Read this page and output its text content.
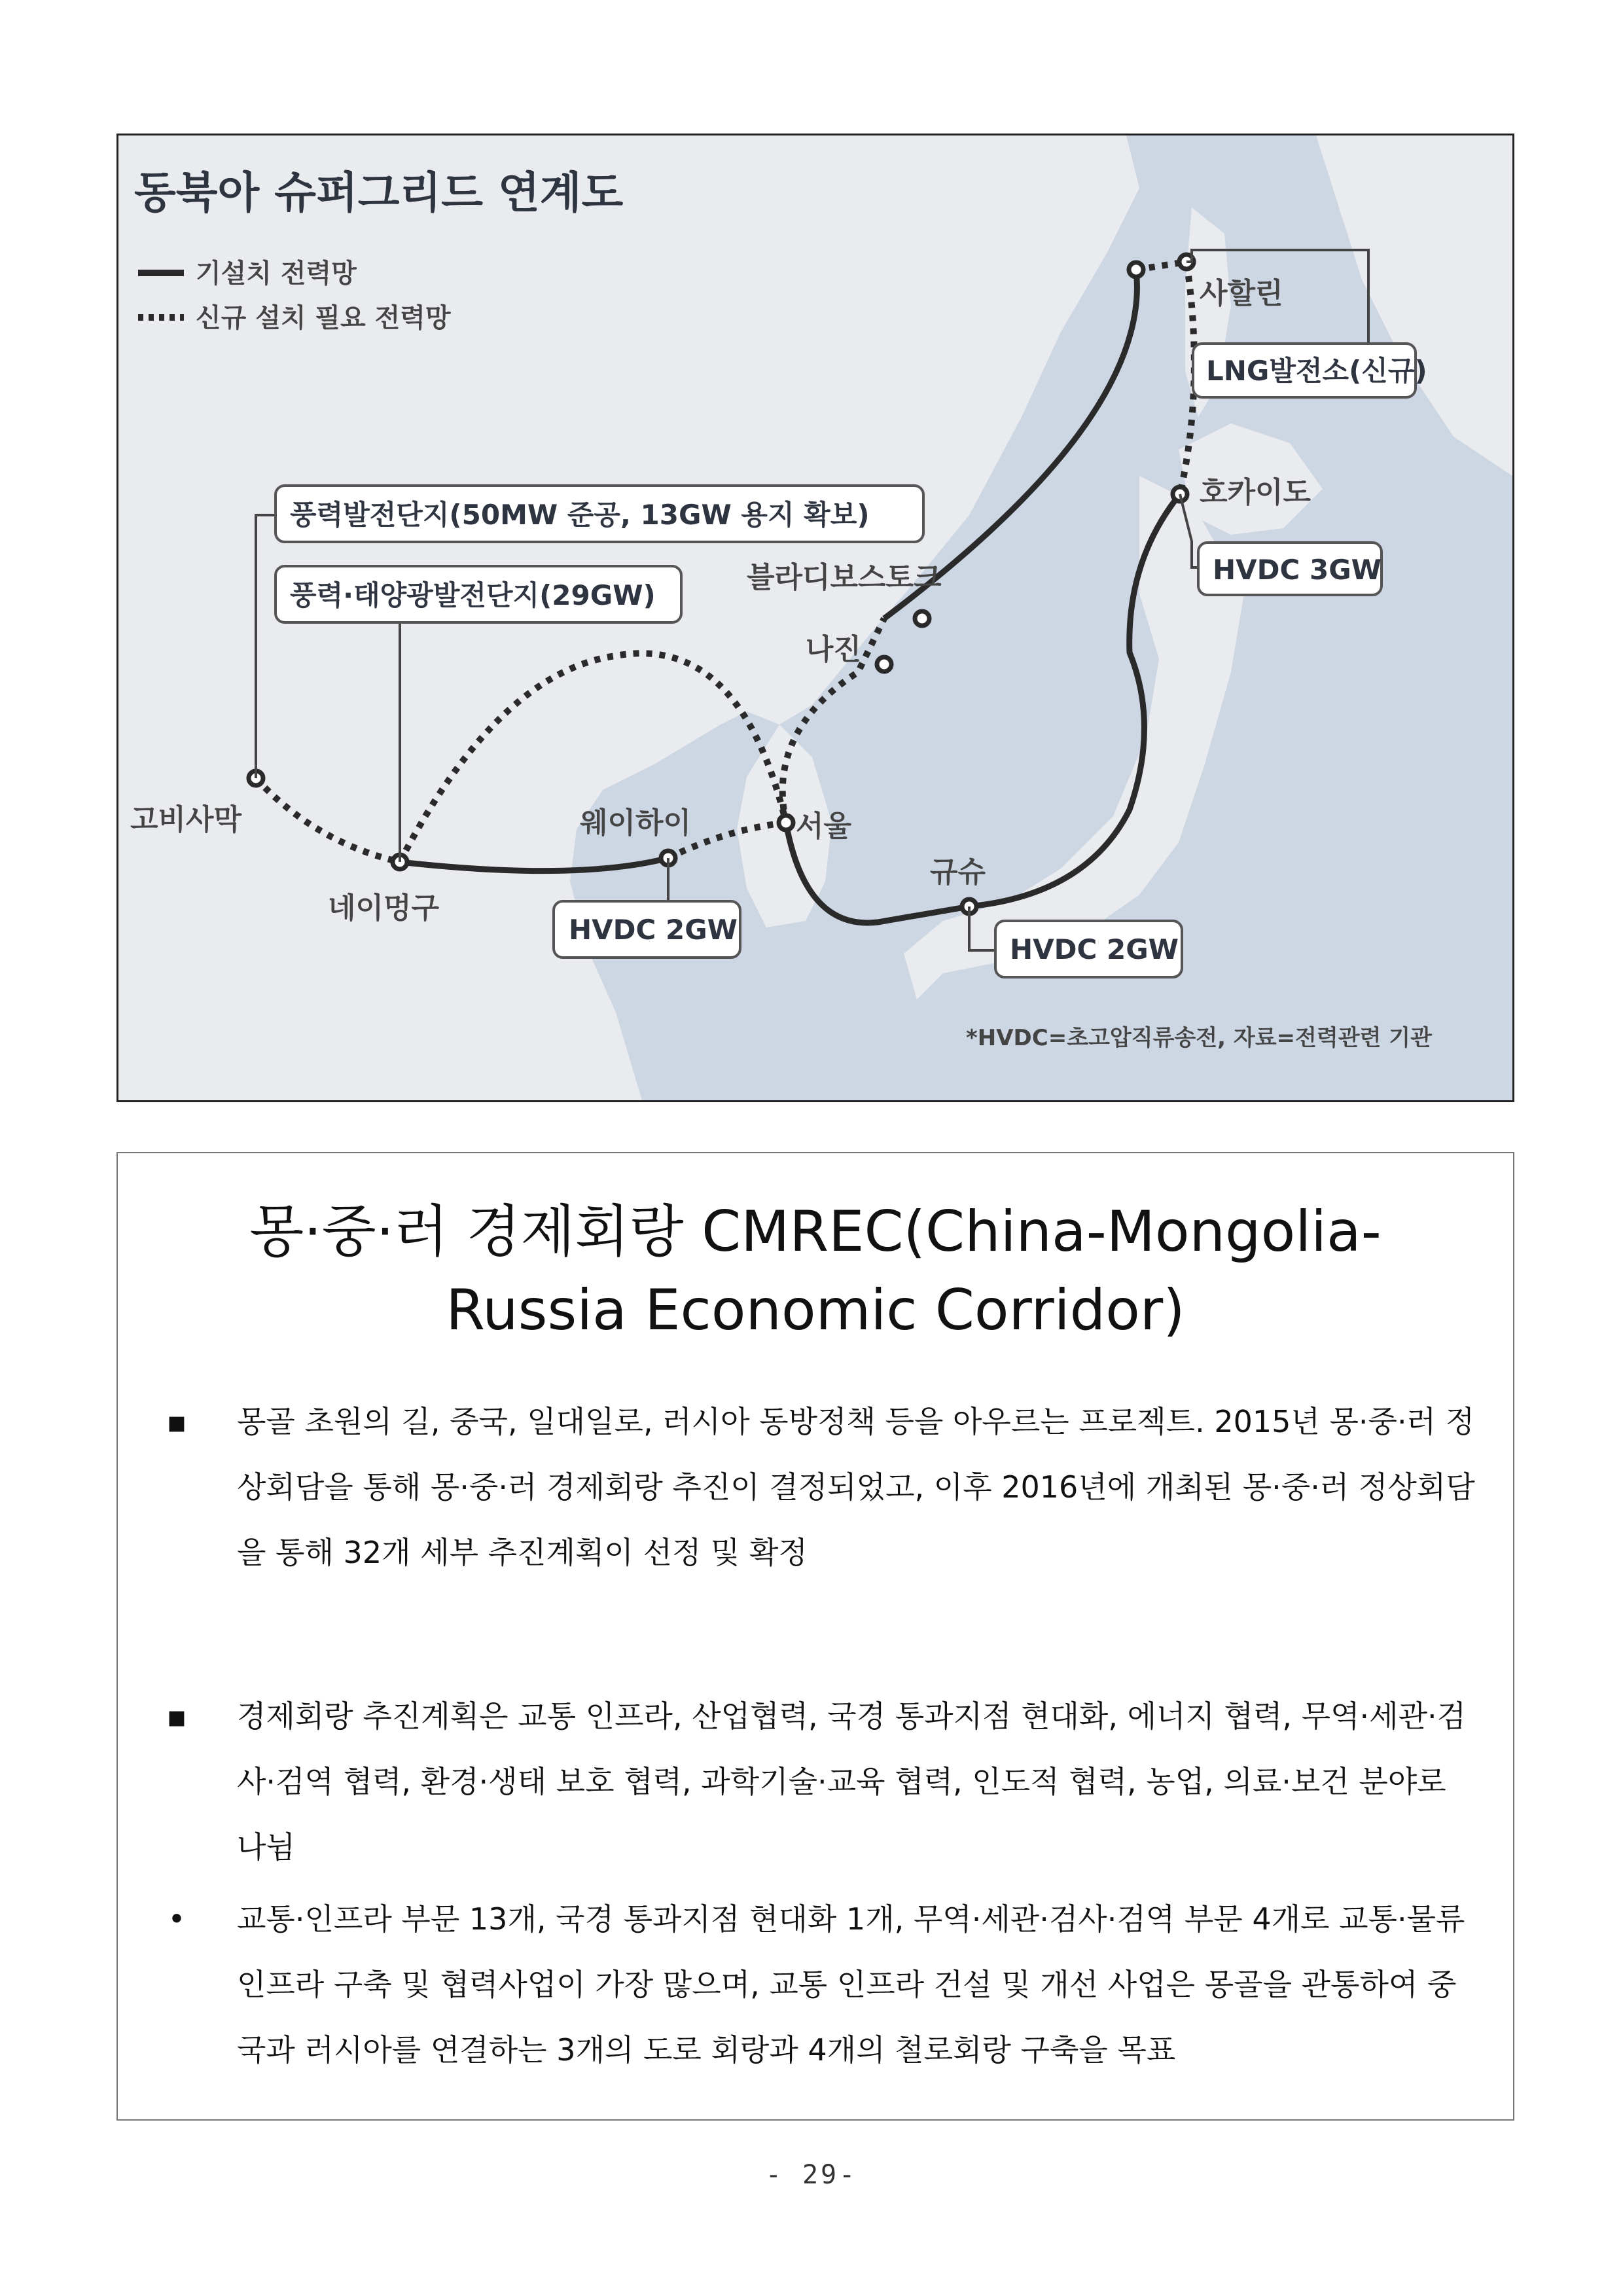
동북아 슈퍼그리드 연계도
기설치 전력망
신규 설치 필요 전력망
LNG발전소(신규)
HVDC 3GW
풍력발전단지(50MW 준공, 13GW 용지 확보)
풍력·태양광발전단지(29GW)
HVDC 2GW
HVDC 2GW
사할린
호카이도
블라디보스토크
나진
고비사막	웨이하이	서울
규슈
네이멍구
*HVDC=초고압직류송전, 자료=전력관련 기관
몽·중·러 경제회랑 CMREC(China-Mongolia-
Russia Economic Corridor)
▪	몽골 초원의 길, 중국, 일대일로, 러시아 동방정책 등을 아우르는 프로젝트. 2015년 몽·중·러 정
상회담을 통해 몽·중·러 경제회랑 추진이 결정되었고, 이후 2016년에 개최된 몽·중·러 정상회담
을 통해 32개 세부 추진계획이 선정 및 확정
▪	경제회랑 추진계획은 교통 인프라, 산업협력, 국경 통과지점 현대화, 에너지 협력, 무역·세관·검
사·검역 협력, 환경·생태 보호 협력, 과학기술·교육 협력, 인도적 협력, 농업, 의료·보건 분야로
나뉨
•	교통·인프라 부문 13개, 국경 통과지점 현대화 1개, 무역·세관·검사·검역 부문 4개로 교통·물류
인프라 구축 및 협력사업이 가장 많으며, 교통 인프라 건설 및 개선 사업은 몽골을 관통하여 중
국과 러시아를 연결하는 3개의 도로 회랑과 4개의 철로회랑 구축을 목표
- 29-
